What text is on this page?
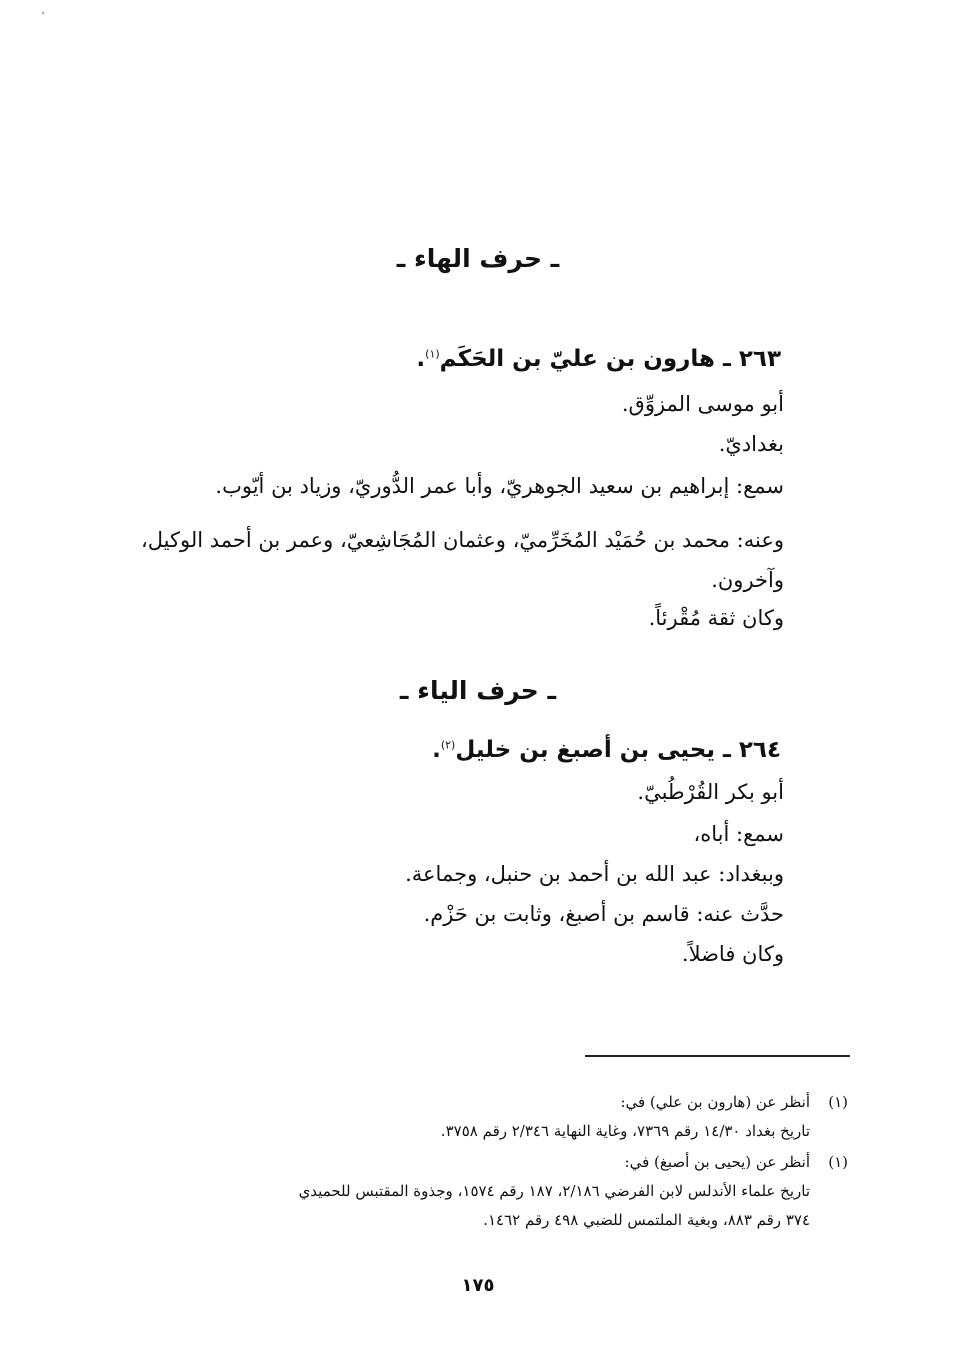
ـ حرف الهاء ـ
٢٦٣ ـ هارون بن عليّ بن الحَكَم$^{(١)}$.
أبو موسى المزوِّق.
بغداديّ.
سمع: إبراهيم بن سعيد الجوهريّ، وأبا عمر الدُّوريّ، وزياد بن أيّوب.
وعنه: محمد بن حُمَيْد المُخَرِّميّ، وعثمان المُجَاشِعيّ، وعمر بن أحمد الوكيل، وآخرون.
وكان ثقة مُقْرئاً.
ـ حرف الياء ـ
٢٦٤ ـ يحيى بن أصبغ بن خليل$^{(٢)}$.
أبو بكر القُرْطُبيّ.
سمع: أباه،
وببغداد: عبد الله بن أحمد بن حنبل، وجماعة.
حدَّث عنه: قاسم بن أصبغ، وثابت بن حَزْم.
وكان فاضلاً.
(١)
أنظر عن (هارون بن علي) في:
تاريخ بغداد ١٤/٣٠ رقم ٧٣٦٩، وغاية النهاية ٢/٣٤٦ رقم ٣٧٥٨.
(١)
أنظر عن (يحيى بن أصبغ) في:
تاريخ علماء الأندلس لابن الفرضي ٢/١٨٦، ١٨٧ رقم ١٥٧٤، وجذوة المقتبس للحميدي
٣٧٤ رقم ٨٨٣، وبغية الملتمس للضبي ٤٩٨ رقم ١٤٦٢.
١٧٥
